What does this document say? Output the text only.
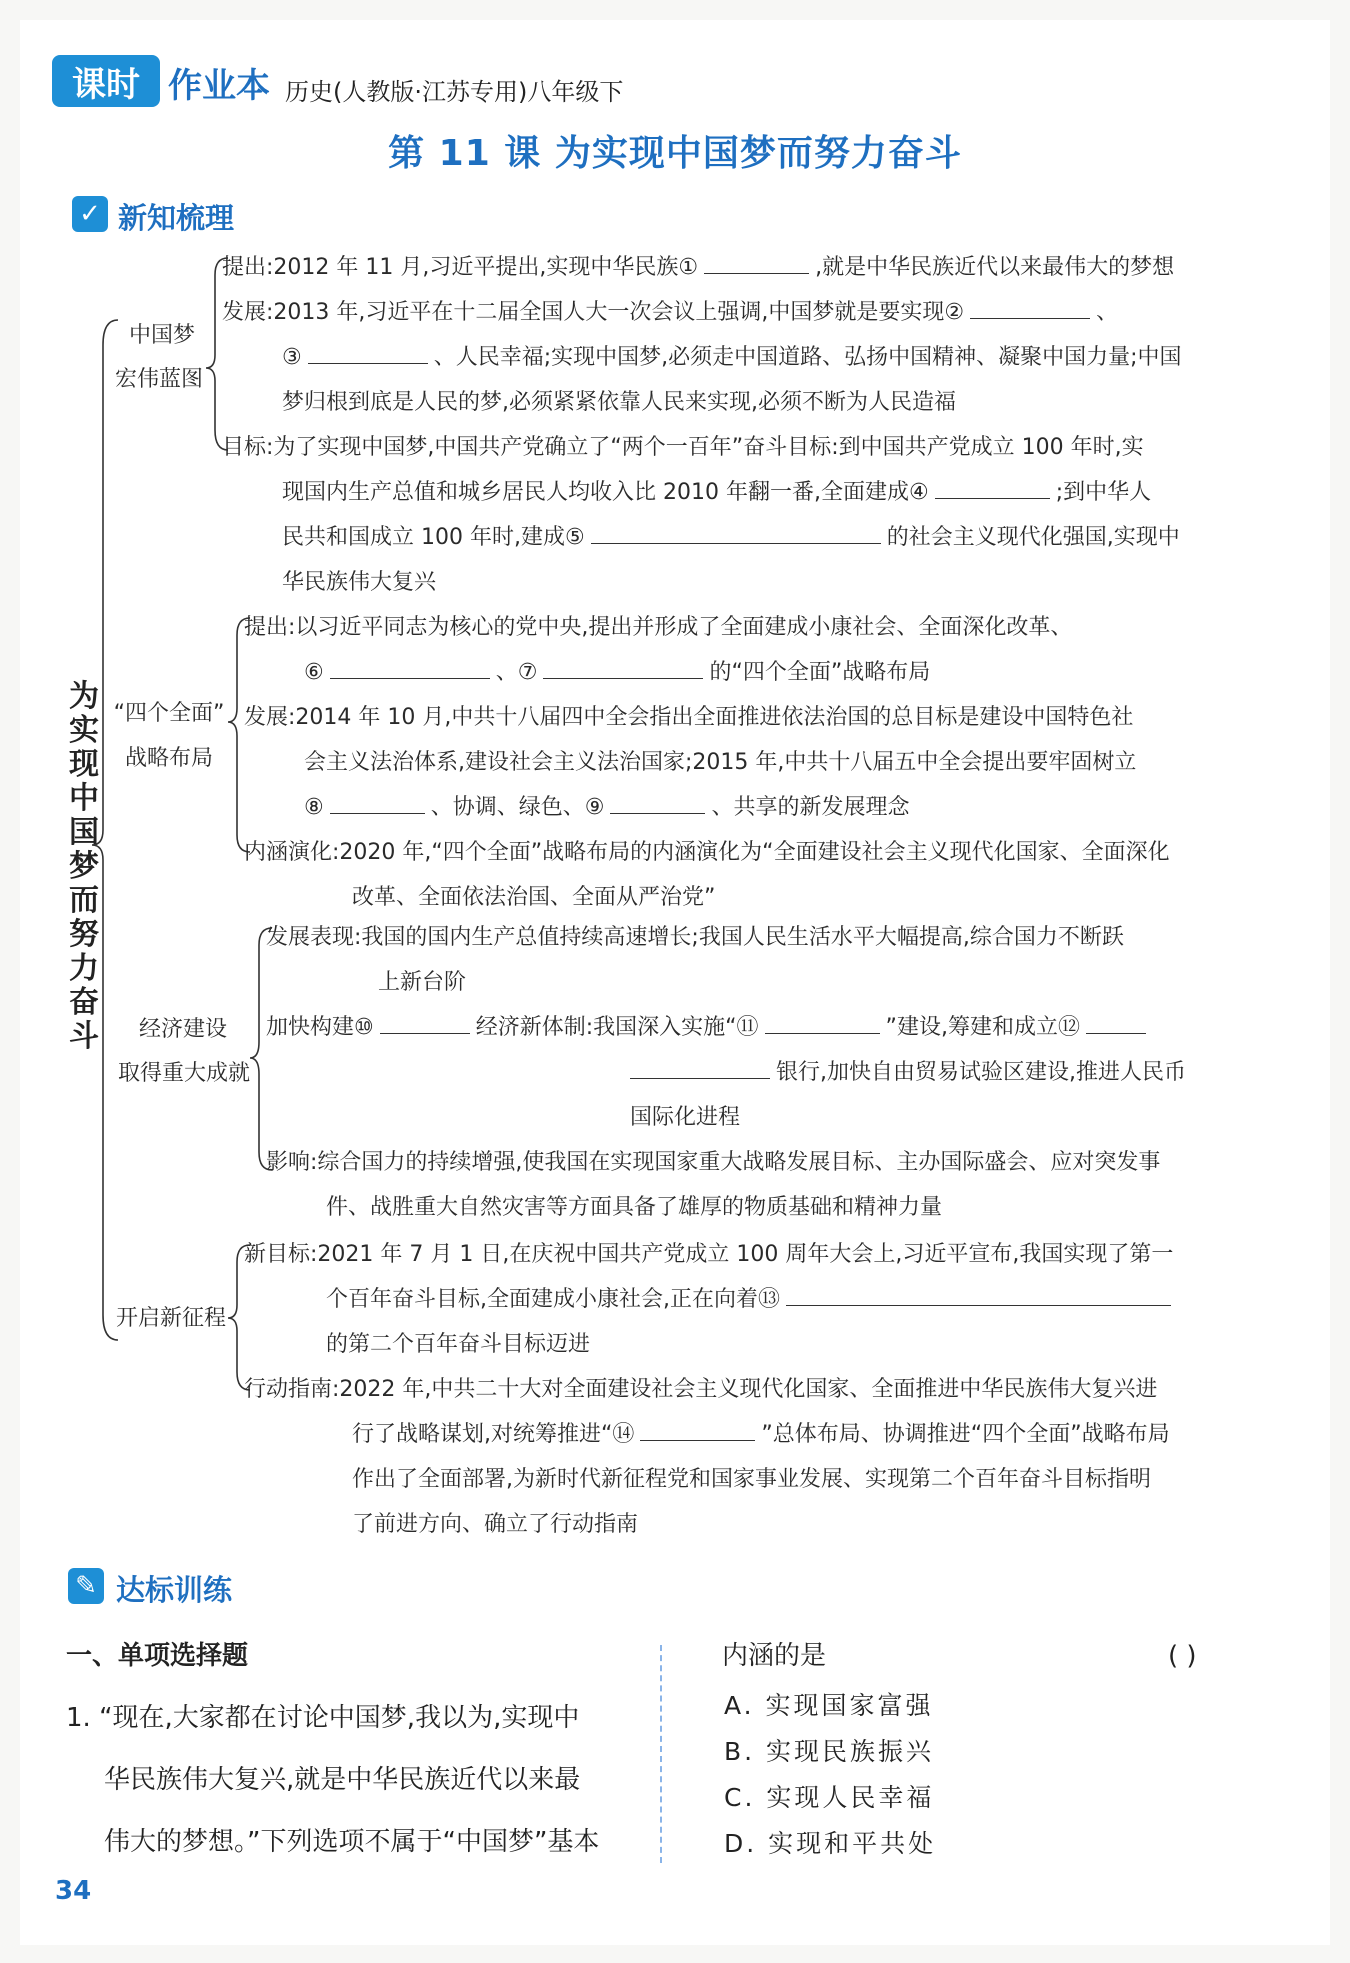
课时 作业本 历史(人教版·江苏专用)八年级下
第 11 课 为实现中国梦而努力奋斗
✓ 新知梳理
为实现中国梦而努力奋斗
中国梦
宏伟蓝图
提出:2012 年 11 月,习近平提出,实现中华民族①	,就是中华民族近代以来最伟大的梦想
发展:2013 年,习近平在十二届全国人大一次会议上强调,中国梦就是要实现②	、
③	、人民幸福;实现中国梦,必须走中国道路、弘扬中国精神、凝聚中国力量;中国
梦归根到底是人民的梦,必须紧紧依靠人民来实现,必须不断为人民造福
目标:为了实现中国梦,中国共产党确立了“两个一百年”奋斗目标:到中国共产党成立 100 年时,实
现国内生产总值和城乡居民人均收入比 2010 年翻一番,全面建成④	;到中华人
民共和国成立 100 年时,建成⑤	的社会主义现代化强国,实现中
华民族伟大复兴
“四个全面”
战略布局
提出:以习近平同志为核心的党中央,提出并形成了全面建成小康社会、全面深化改革、
⑥	、⑦	的“四个全面”战略布局
发展:2014 年 10 月,中共十八届四中全会指出全面推进依法治国的总目标是建设中国特色社
会主义法治体系,建设社会主义法治国家;2015 年,中共十八届五中全会提出要牢固树立
⑧	、协调、绿色、⑨	、共享的新发展理念
内涵演化:2020 年,“四个全面”战略布局的内涵演化为“全面建设社会主义现代化国家、全面深化
改革、全面依法治国、全面从严治党”
经济建设
取得重大成就
发展表现:我国的国内生产总值持续高速增长;我国人民生活水平大幅提高,综合国力不断跃
上新台阶
加快构建⑩	经济新体制:我国深入实施“⑪	”建设,筹建和成立⑫
银行,加快自由贸易试验区建设,推进人民币
国际化进程
影响:综合国力的持续增强,使我国在实现国家重大战略发展目标、主办国际盛会、应对突发事
件、战胜重大自然灾害等方面具备了雄厚的物质基础和精神力量
开启新征程
新目标:2021 年 7 月 1 日,在庆祝中国共产党成立 100 周年大会上,习近平宣布,我国实现了第一
个百年奋斗目标,全面建成小康社会,正在向着⑬
的第二个百年奋斗目标迈进
行动指南:2022 年,中共二十大对全面建设社会主义现代化国家、全面推进中华民族伟大复兴进
行了战略谋划,对统筹推进“⑭	”总体布局、协调推进“四个全面”战略布局
作出了全面部署,为新时代新征程党和国家事业发展、实现第二个百年奋斗目标指明
了前进方向、确立了行动指南
✎ 达标训练
一、单项选择题
1. “现在,大家都在讨论中国梦,我以为,实现中
华民族伟大复兴,就是中华民族近代以来最
伟大的梦想。”下列选项不属于“中国梦”基本
内涵的是	( )
A. 实现国家富强
B. 实现民族振兴
C. 实现人民幸福
D. 实现和平共处
34
